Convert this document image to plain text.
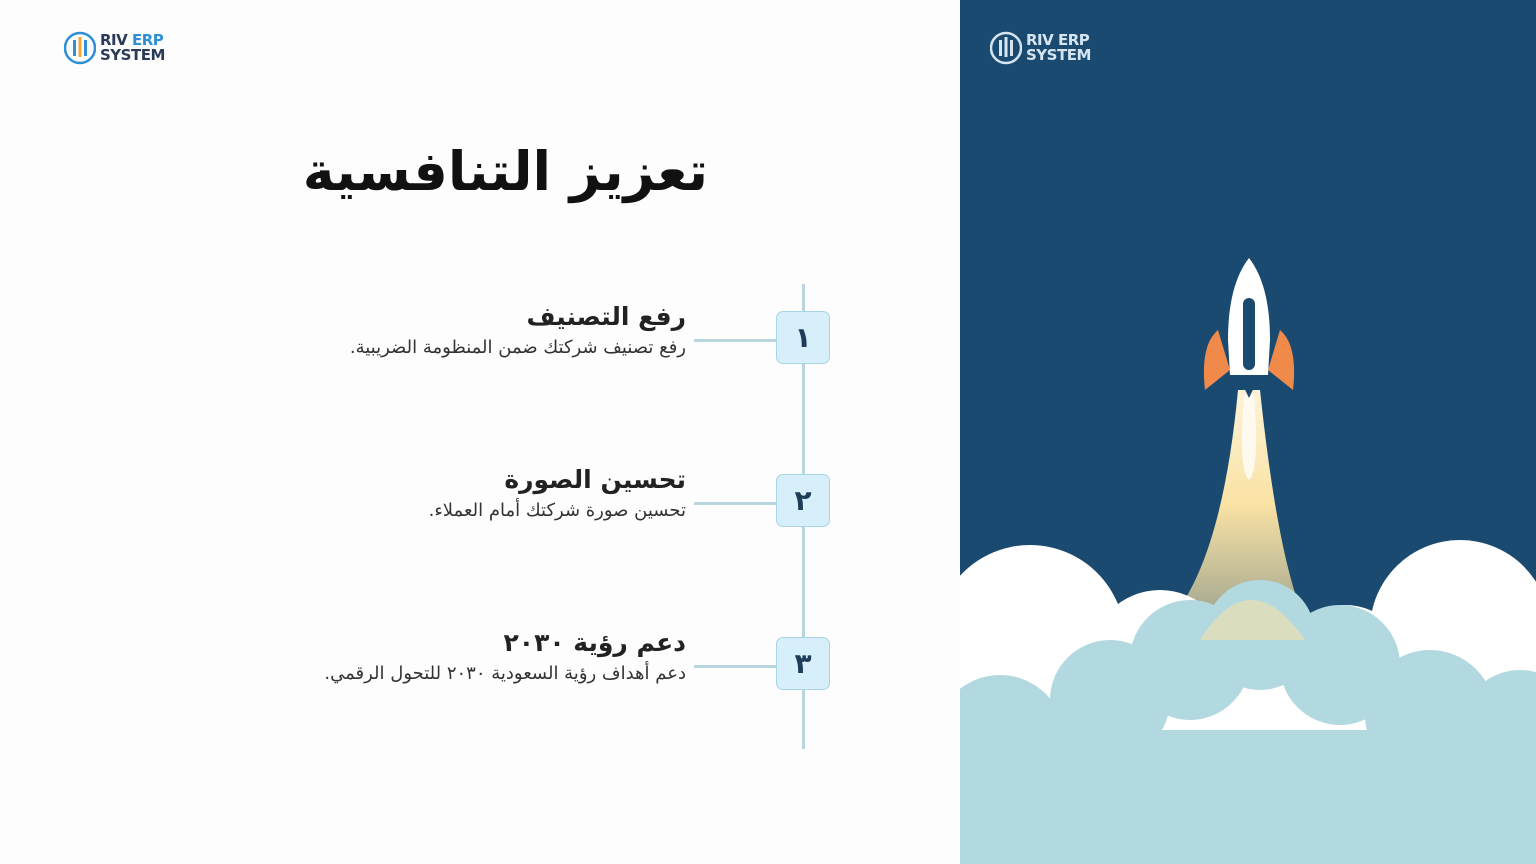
RIV ERP
SYSTEM
تعزيز التنافسية
١
٢
٣
رفع التصنيف
رفع تصنيف شركتك ضمن المنظومة الضريبية.
تحسين الصورة
تحسين صورة شركتك أمام العملاء.
دعم رؤية ٢٠٣٠
دعم أهداف رؤية السعودية ٢٠٣٠ للتحول الرقمي.
RIV ERP
SYSTEM
